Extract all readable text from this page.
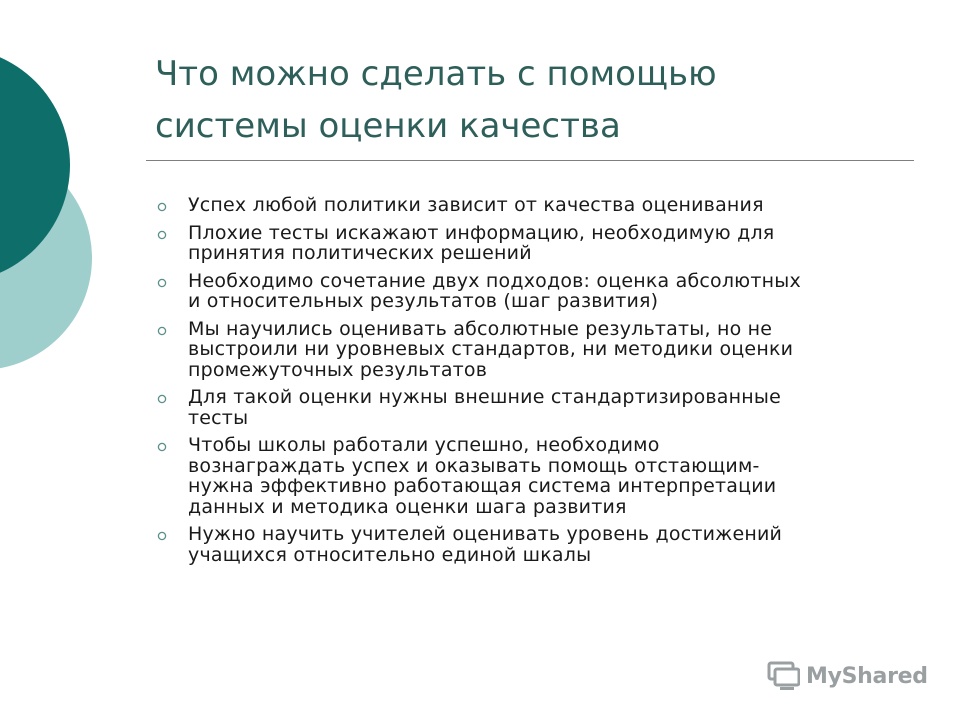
Что можно сделать с помощью
системы оценки качества
Успех любой политики зависит от качества оценивания
Плохие тесты искажают информацию, необходимую для
принятия политических решений
Необходимо сочетание двух подходов: оценка абсолютных
и относительных результатов (шаг развития)
Мы научились оценивать абсолютные результаты, но не
выстроили ни уровневых стандартов, ни методики оценки
промежуточных результатов
Для такой оценки нужны внешние стандартизированные
тесты
Чтобы школы работали успешно, необходимо
вознаграждать успех и оказывать помощь отстающим-
нужна эффективно работающая система интерпретации
данных и методика оценки шага развития
Нужно научить учителей оценивать уровень достижений
учащихся относительно единой шкалы
MyShared
